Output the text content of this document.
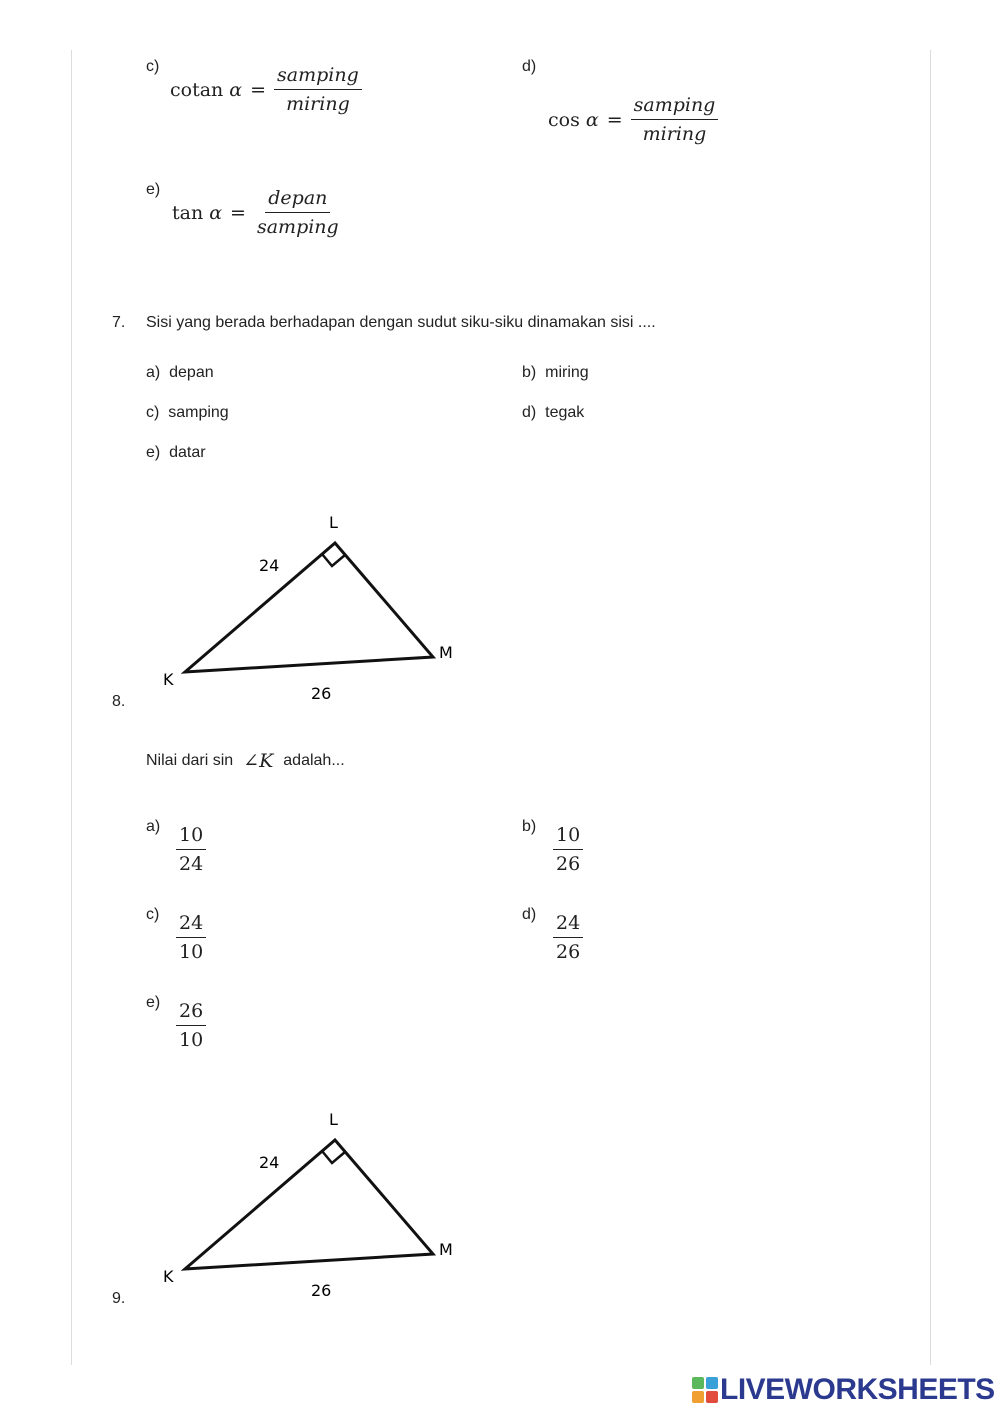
c)
cotan $\alpha = \frac{\text{samping}}{\text{miring}}$	d)
$\cos \alpha = \frac{\text{samping}}{\text{miring}}$
e)
$\tan \alpha = \frac{\text{depan}}{\text{samping}}$
7. Sisi yang berada berhadapan dengan sudut siku-siku dinamakan sisi ....
a) depan	b) miring
c) samping	d) tegak
e) datar
L
K
M
24
26
8.
Nilai dari sin ∠ K adalah...
$a) \frac{10}{24}$	$b) \frac{10}{26}$
$c) \frac{24}{10}$	$d) \frac{24}{26}$
$e) \frac{26}{10}$
L
K
M
24
26
9.
LIVEWORKSHEETS
